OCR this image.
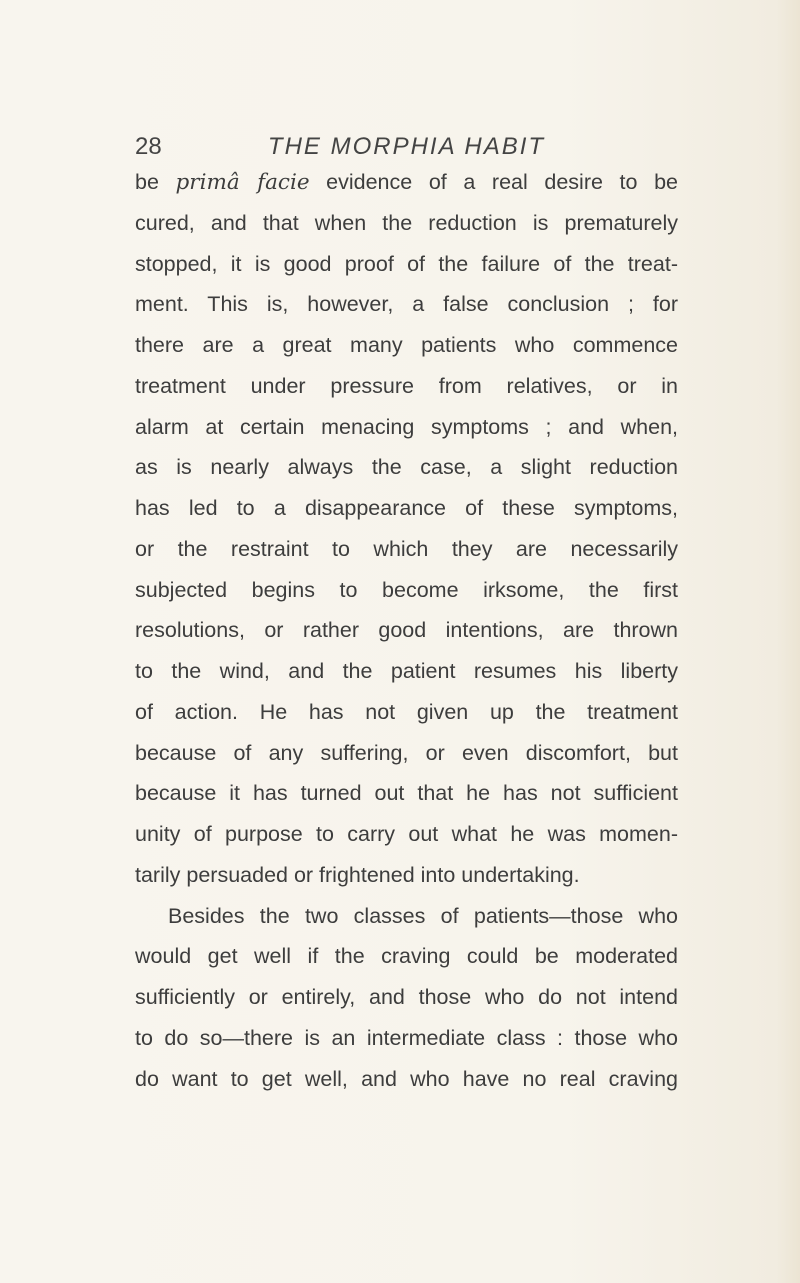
28	THE MORPHIA HABIT
be primâ facie evidence of a real desire to be
cured, and that when the reduction is prematurely
stopped, it is good proof of the failure of the treat-
ment. This is, however, a false conclusion ; for
there are a great many patients who commence
treatment under pressure from relatives, or in
alarm at certain menacing symptoms ; and when,
as is nearly always the case, a slight reduction
has led to a disappearance of these symptoms,
or the restraint to which they are necessarily
subjected begins to become irksome, the first
resolutions, or rather good intentions, are thrown
to the wind, and the patient resumes his liberty
of action. He has not given up the treatment
because of any suffering, or even discomfort, but
because it has turned out that he has not sufficient
unity of purpose to carry out what he was momen-
tarily persuaded or frightened into undertaking.
Besides the two classes of patients—those who
would get well if the craving could be moderated
sufficiently or entirely, and those who do not intend
to do so—there is an intermediate class : those who
do want to get well, and who have no real craving
